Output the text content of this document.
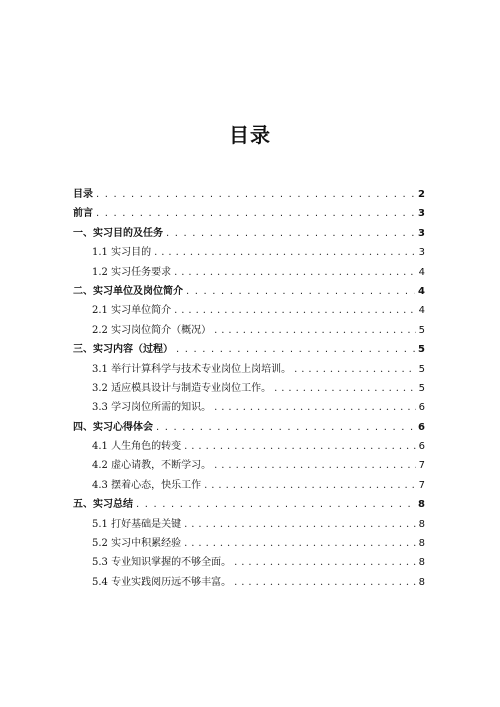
目录
目录 . . .	2
前言 . . .	3
一、实习目的及任务 . . .	3
1.1 实习目的 . . .	3
1.2 实习任务要求 . . .	4
二、实习单位及岗位简介 . . .	4
2.1 实习单位简介 . . .	4
2.2 实习岗位简介（概况） . . .	5
三、实习内容（过程） . . .	5
3.1 举行计算科学与技术专业岗位上岗培训。 . . .	5
3.2 适应模具设计与制造专业岗位工作。 . . .	5
3.3 学习岗位所需的知识。 . . .	6
四、实习心得体会 . . .	6
4.1 人生角色的转变 . . .	6
4.2 虚心请教，不断学习。 . . .	7
4.3 摆着心态，快乐工作 . . .	7
五、实习总结 . . .	8
5.1 打好基础是关键 . . .	8
5.2 实习中积累经验 . . .	8
5.3 专业知识掌握的不够全面。 . . .	8
5.4 专业实践阅历远不够丰富。 . . .	8
